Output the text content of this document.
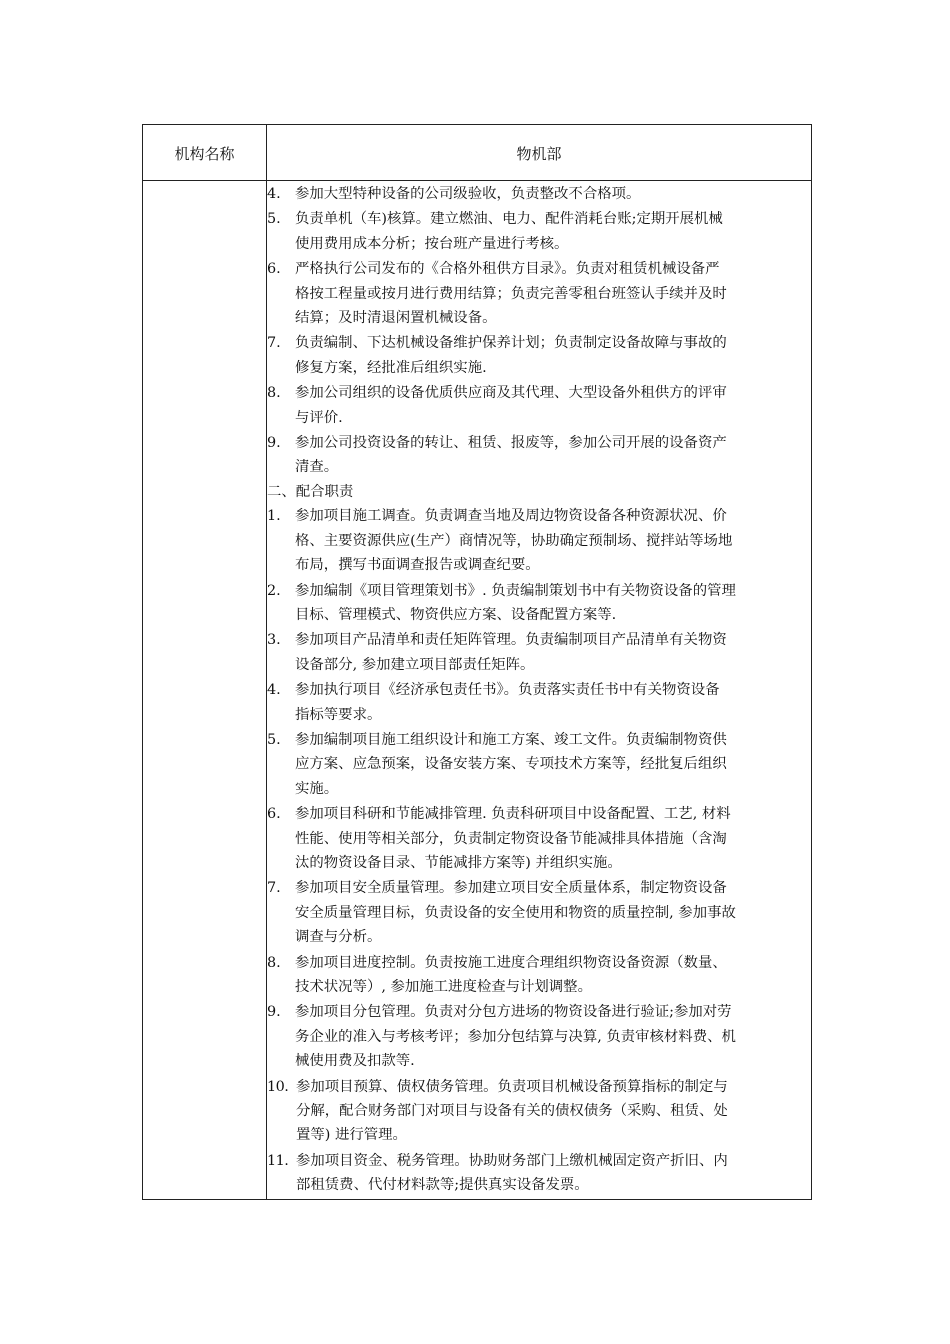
机构名称	物机部
4. 参加大型特种设备的公司级验收，负责整改不合格项。
5. 负责单机（车)核算。建立燃油、电力、配件消耗台账;定期开展机械
使用费用成本分析；按台班产量进行考核。
6. 严格执行公司发布的《合格外租供方目录》。负责对租赁机械设备严
格按工程量或按月进行费用结算；负责完善零租台班签认手续并及时
结算；及时清退闲置机械设备。
7. 负责编制、下达机械设备维护保养计划；负责制定设备故障与事故的
修复方案，经批准后组织实施.
8. 参加公司组织的设备优质供应商及其代理、大型设备外租供方的评审
与评价.
9. 参加公司投资设备的转让、租赁、报废等，参加公司开展的设备资产
清查。
二、配合职责
1. 参加项目施工调查。负责调查当地及周边物资设备各种资源状况、价
格、主要资源供应(生产）商情况等，协助确定预制场、搅拌站等场地
布局，撰写书面调查报告或调查纪要。
2. 参加编制《项目管理策划书》. 负责编制策划书中有关物资设备的管理
目标、管理模式、物资供应方案、设备配置方案等.
3. 参加项目产品清单和责任矩阵管理。负责编制项目产品清单有关物资
设备部分, 参加建立项目部责任矩阵。
4. 参加执行项目《经济承包责任书》。负责落实责任书中有关物资设备
指标等要求。
5. 参加编制项目施工组织设计和施工方案、竣工文件。负责编制物资供
应方案、应急预案，设备安装方案、专项技术方案等，经批复后组织
实施。
6. 参加项目科研和节能减排管理. 负责科研项目中设备配置、工艺, 材料
性能、使用等相关部分，负责制定物资设备节能减排具体措施（含淘
汰的物资设备目录、节能减排方案等) 并组织实施。
7. 参加项目安全质量管理。参加建立项目安全质量体系，制定物资设备
安全质量管理目标，负责设备的安全使用和物资的质量控制, 参加事故
调查与分析。
8. 参加项目进度控制。负责按施工进度合理组织物资设备资源（数量、
技术状况等）, 参加施工进度检查与计划调整。
9. 参加项目分包管理。负责对分包方进场的物资设备进行验证;参加对劳
务企业的准入与考核考评；参加分包结算与决算, 负责审核材料费、机
械使用费及扣款等.
10. 参加项目预算、债权债务管理。负责项目机械设备预算指标的制定与
分解，配合财务部门对项目与设备有关的债权债务（采购、租赁、处
置等) 进行管理。
11. 参加项目资金、税务管理。协助财务部门上缴机械固定资产折旧、内
部租赁费、代付材料款等;提供真实设备发票。
